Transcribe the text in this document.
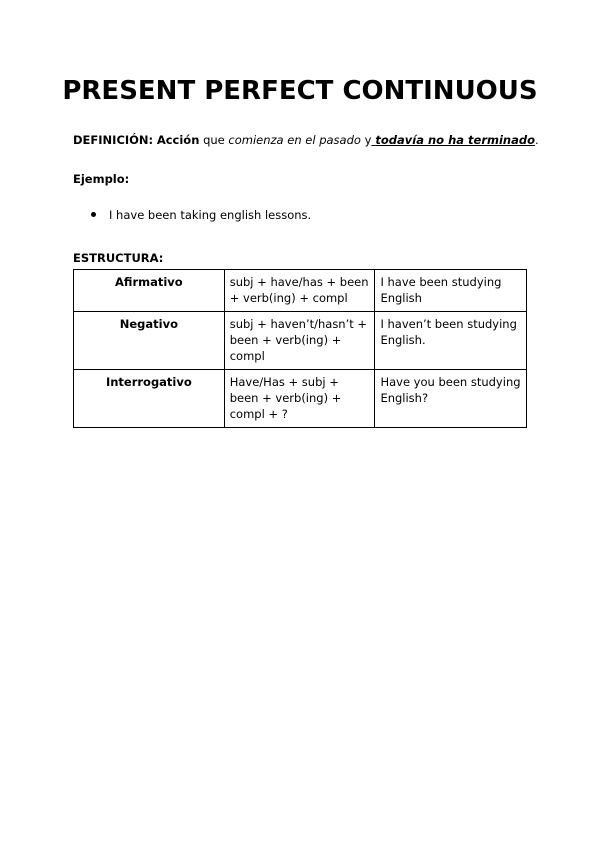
PRESENT PERFECT CONTINUOUS
DEFINICIÓN: Acción que comienza en el pasado y todavía no ha terminado.
Ejemplo:
I have been taking english lessons.
ESTRUCTURA:
Afirmativo	subj + have/has + been + verb(ing) + compl	I have been studying English
Negativo	subj + haven’t/hasn’t + been + verb(ing) + compl	I haven’t been studying English.
Interrogativo	Have/Has + subj + been + verb(ing) + compl + ?	Have you been studying English?
